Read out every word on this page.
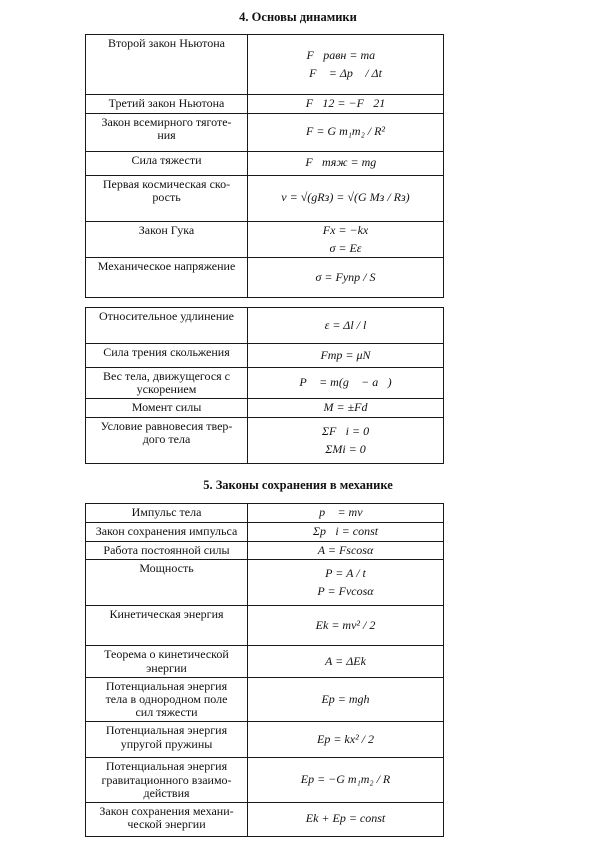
4. Основы динамики
Второй закон Ньютона	F⃗равн = ma⃗
F⃗ = Δp⃗ / Δt

Третий закон Ньютона	F⃗12 = −F⃗21

Закон всемирного тяготе-
ния	F = G m₁m₂ / R²

Сила тяжести	F⃗тяж = mg⃗

Первая космическая ско-
рость	v = √(gRз) = √(G Mз / Rз)

Закон Гука	Fx = −kx
σ = Eε

Механическое напряжение	σ = Fупр / S
Относительное удлинение	ε = Δl / l

Сила трения скольжения	Fтр = μN

Вес тела, движущегося с
ускорением	P⃗ = m(g⃗ − a⃗)

Момент силы	M = ±Fd

Условие равновесия твер-
дого тела	ΣF⃗i = 0
ΣMi = 0
5. Законы сохранения в механике
Импульс тела	p⃗ = mv⃗

Закон сохранения импульса	Σp⃗i = const

Работа постоянной силы	A = Fscosα

Мощность	P = A / t
P = Fvcosα

Кинетическая энергия	Ek = mv² / 2

Теорема о кинетической
энергии	A = ΔEk

Потенциальная энергия
тела в однородном поле
сил тяжести	Ep = mgh

Потенциальная энергия
упругой пружины	Ep = kx² / 2

Потенциальная энергия
гравитационного взаимо-
действия	Ep = −G m₁m₂ / R

Закон сохранения механи-
ческой энергии	Ek + Ep = const
